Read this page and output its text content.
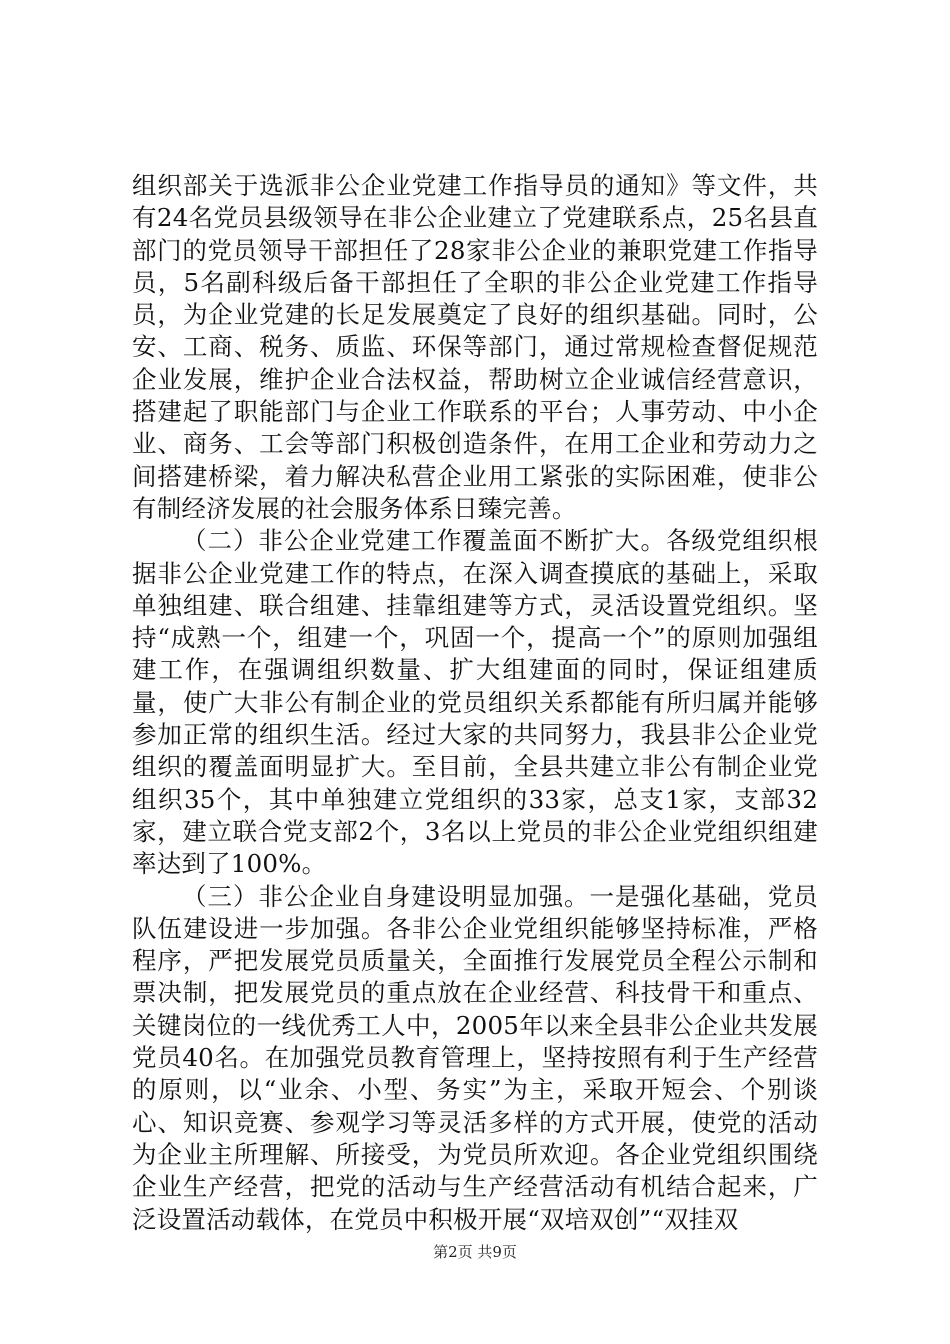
组织部关于选派非公企业党建工作指导员的通知》等文件，共有24名党员县级领导在非公企业建立了党建联系点，25名县直部门的党员领导干部担任了28家非公企业的兼职党建工作指导员，5名副科级后备干部担任了全职的非公企业党建工作指导员，为企业党建的长足发展奠定了良好的组织基础。同时，公安、工商、税务、质监、环保等部门，通过常规检查督促规范企业发展，维护企业合法权益，帮助树立企业诚信经营意识，搭建起了职能部门与企业工作联系的平台；人事劳动、中小企业、商务、工会等部门积极创造条件，在用工企业和劳动力之间搭建桥梁，着力解决私营企业用工紧张的实际困难，使非公有制经济发展的社会服务体系日臻完善。

（二）非公企业党建工作覆盖面不断扩大。各级党组织根据非公企业党建工作的特点，在深入调查摸底的基础上，采取单独组建、联合组建、挂靠组建等方式，灵活设置党组织。坚持“成熟一个，组建一个，巩固一个，提高一个”的原则加强组建工作，在强调组织数量、扩大组建面的同时，保证组建质量，使广大非公有制企业的党员组织关系都能有所归属并能够参加正常的组织生活。经过大家的共同努力，我县非公企业党组织的覆盖面明显扩大。至目前，全县共建立非公有制企业党组织35个，其中单独建立党组织的33家，总支1家，支部32家，建立联合党支部2个，3名以上党员的非公企业党组织组建率达到了100%。

（三）非公企业自身建设明显加强。一是强化基础，党员队伍建设进一步加强。各非公企业党组织能够坚持标准，严格程序，严把发展党员质量关，全面推行发展党员全程公示制和票决制，把发展党员的重点放在企业经营、科技骨干和重点、关键岗位的一线优秀工人中，2005年以来全县非公企业共发展党员40名。在加强党员教育管理上，坚持按照有利于生产经营的原则，以“业余、小型、务实”为主，采取开短会、个别谈心、知识竞赛、参观学习等灵活多样的方式开展，使党的活动为企业主所理解、所接受，为党员所欢迎。各企业党组织围绕企业生产经营，把党的活动与生产经营活动有机结合起来，广泛设置活动载体，在党员中积极开展“双培双创”“双挂双

第2页 共9页
